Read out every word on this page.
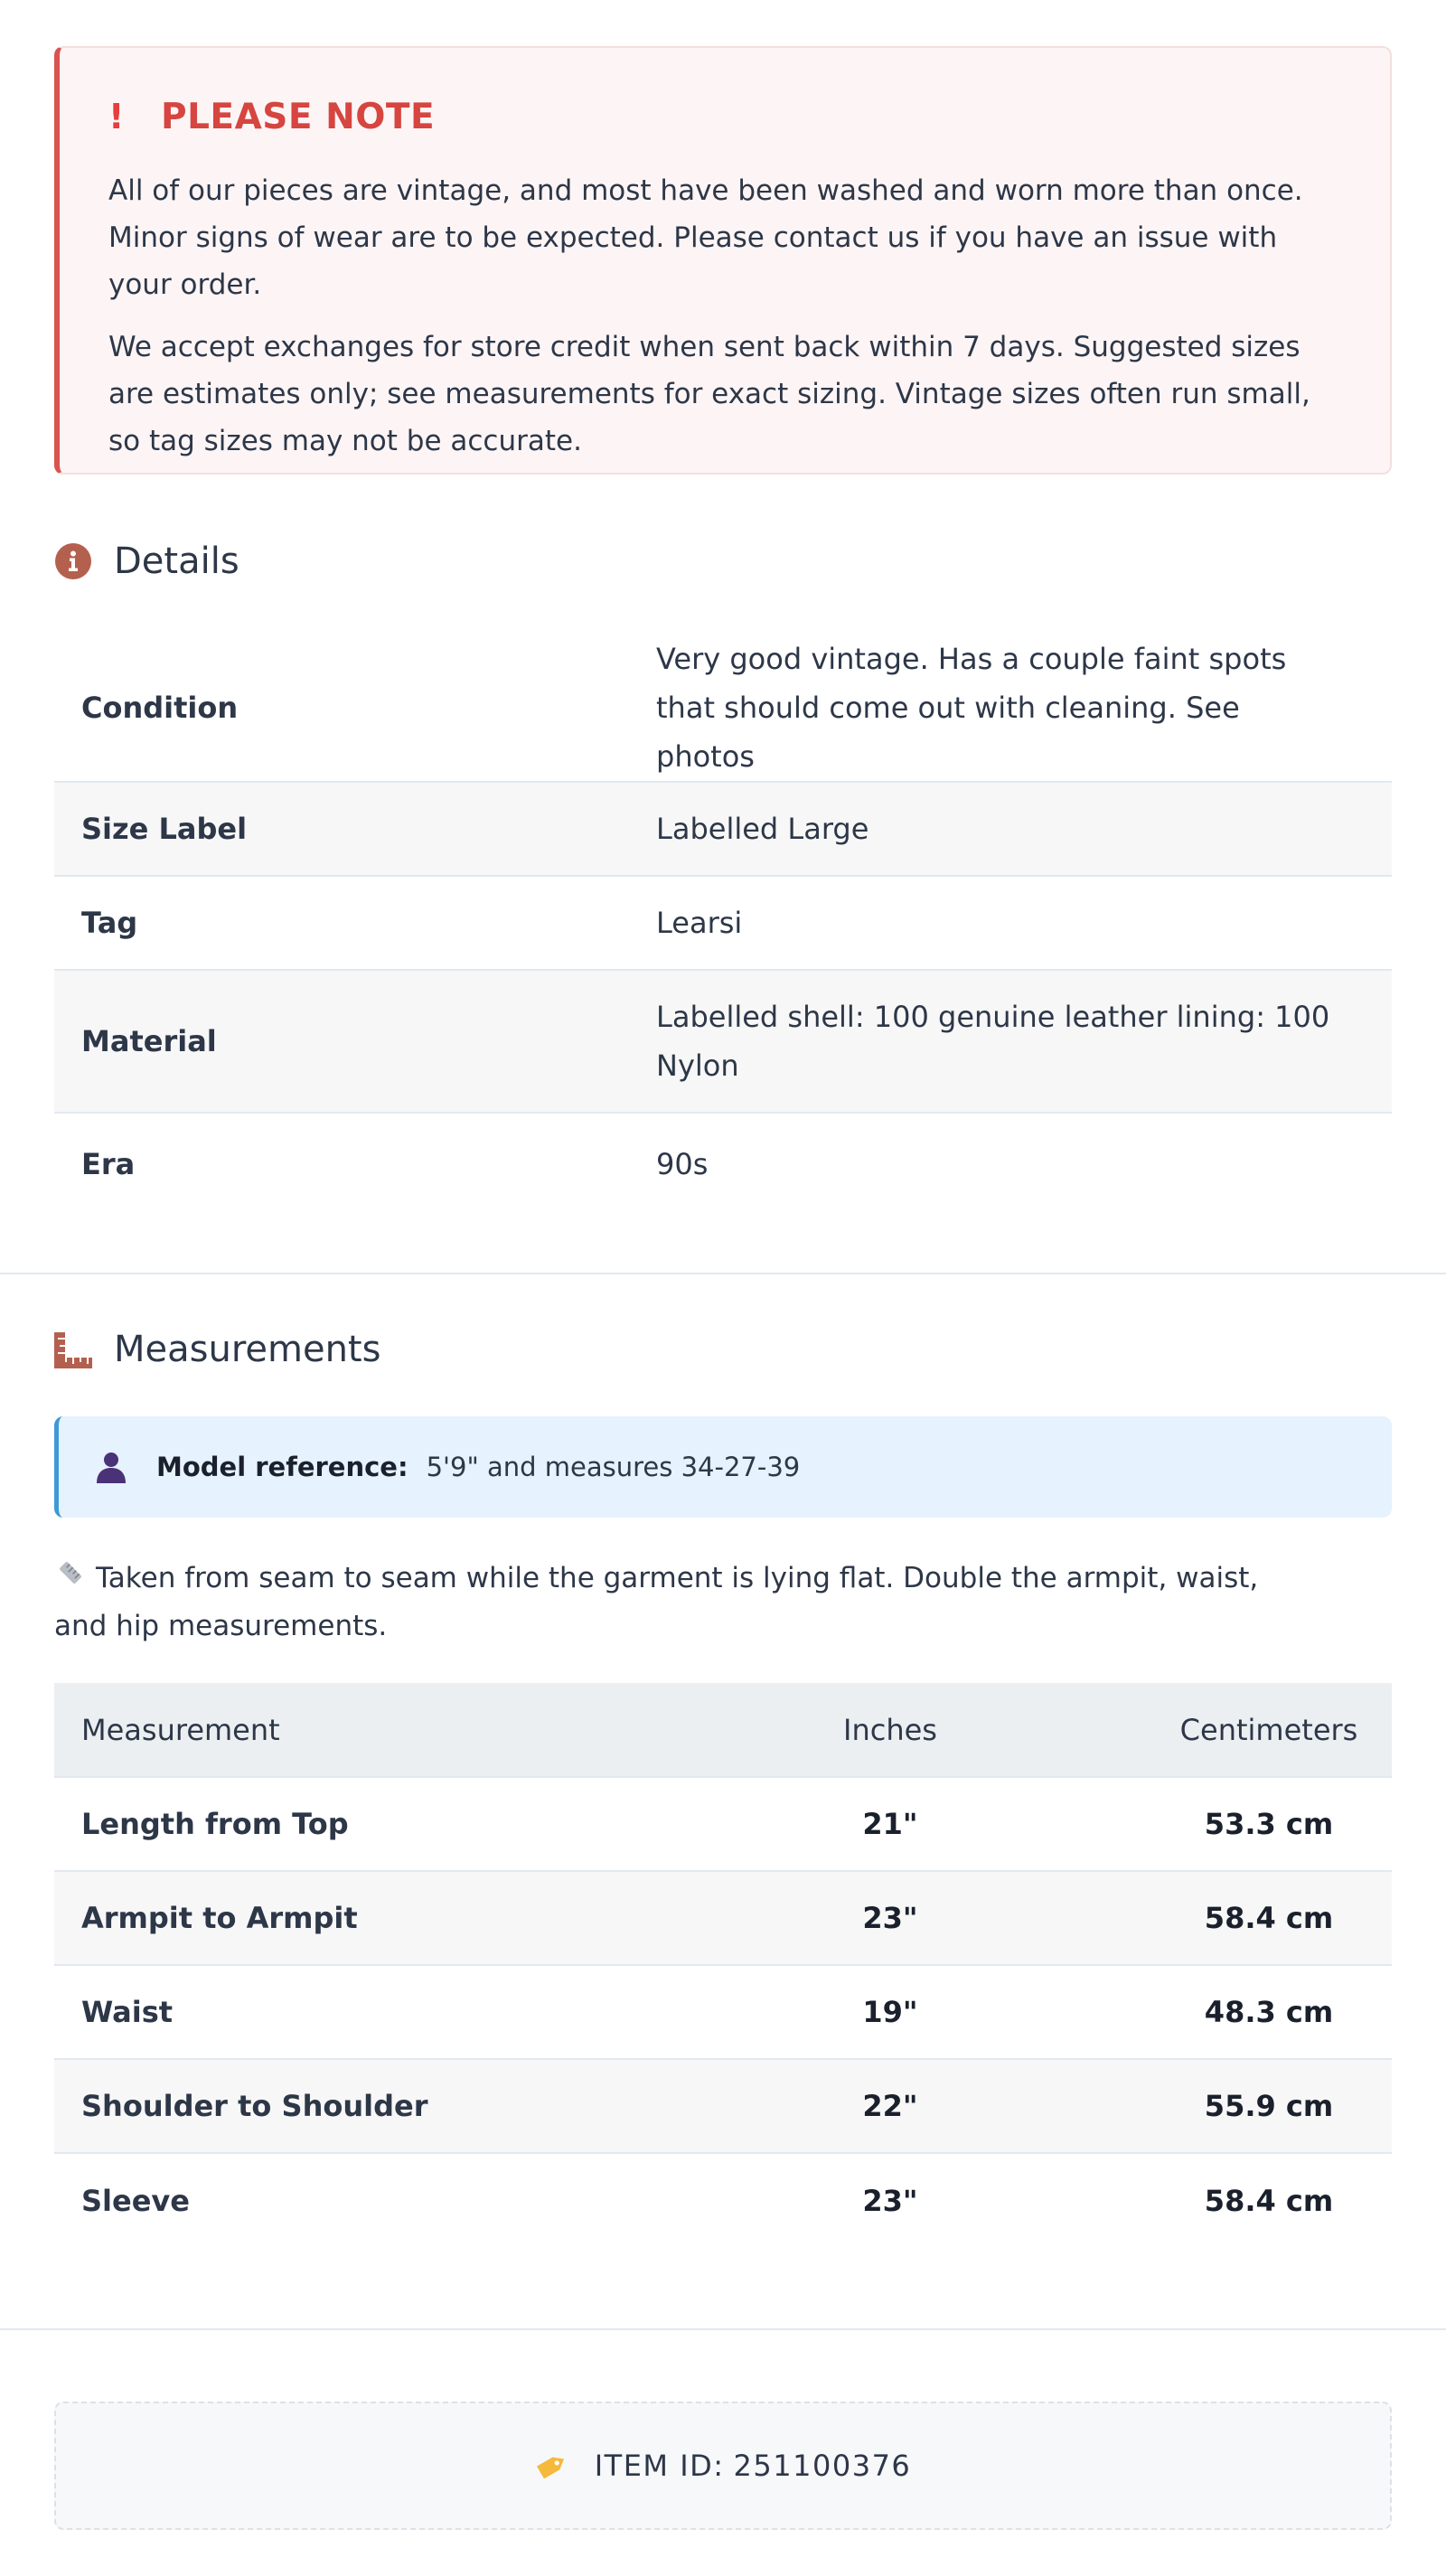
!	PLEASE NOTE

All of our pieces are vintage, and most have been washed and worn more than once. Minor signs of wear are to be expected. Please contact us if you have an issue with your order.

We accept exchanges for store credit when sent back within 7 days. Suggested sizes are estimates only; see measurements for exact sizing. Vintage sizes often run small, so tag sizes may not be accurate.

Details
Condition	Very good vintage. Has a couple faint spots that should come out with cleaning. See photos
Size Label	Labelled Large
Tag	Learsi
Material	Labelled shell: 100 genuine leather lining: 100 Nylon
Era	90s
Measurements
Model reference: 5'9" and measures 34-27-39
Taken from seam to seam while the garment is lying flat. Double the armpit, waist, and hip measurements.
Measurement	Inches	Centimeters
Length from Top	21"	53.3 cm
Armpit to Armpit	23"	58.4 cm
Waist	19"	48.3 cm
Shoulder to Shoulder	22"	55.9 cm
Sleeve	23"	58.4 cm
ITEM ID: 251100376
